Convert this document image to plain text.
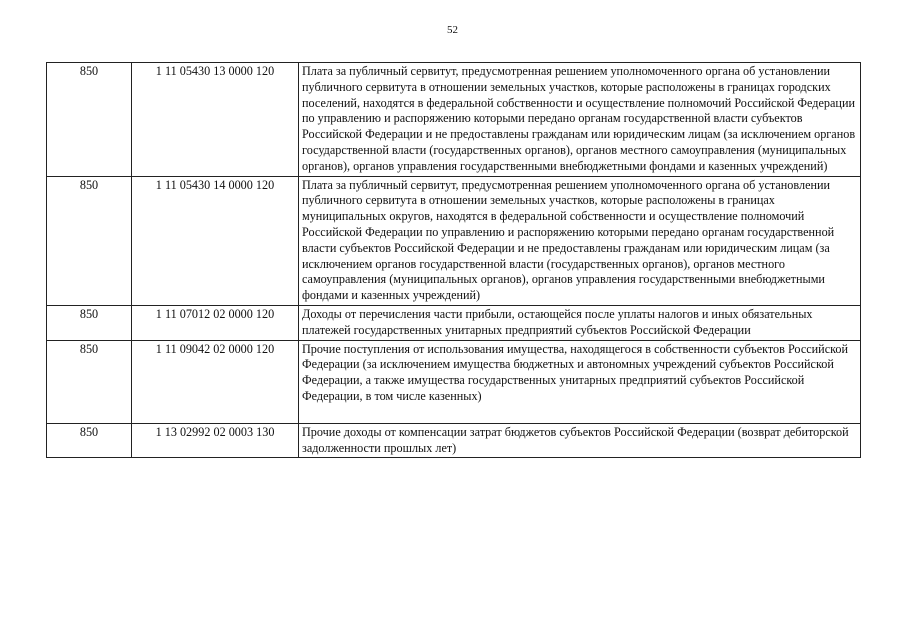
52
850	1 11 05430 13 0000 120	Плата за публичный сервитут, предусмотренная решением уполномоченного органа об установлении публичного сервитута в отношении земельных участков, которые расположены в границах городских поселений, находятся в федеральной собственности и осуществление полномочий Российской Федерации по управлению и распоряжению которыми передано органам государственной власти субъектов Российской Федерации и не предоставлены гражданам или юридическим лицам (за исключением органов государственной власти (государственных органов), органов местного самоуправления (муниципальных органов), органов управления государственными внебюджетными фондами и казенных учреждений)
850	1 11 05430 14 0000 120	Плата за публичный сервитут, предусмотренная решением уполномоченного органа об установлении публичного сервитута в отношении земельных участков, которые расположены в границах муниципальных округов, находятся в федеральной собственности и осуществление полномочий Российской Федерации по управлению и распоряжению которыми передано органам государственной власти субъектов Российской Федерации и не предоставлены гражданам или юридическим лицам (за исключением органов государственной власти (государственных органов), органов местного самоуправления (муниципальных органов), органов управления государственными внебюджетными фондами и казенных учреждений)
850	1 11 07012 02 0000 120	Доходы от перечисления части прибыли, остающейся после уплаты налогов и иных обязательных платежей государственных унитарных предприятий субъектов Российской Федерации
850	1 11 09042 02 0000 120	Прочие поступления от использования имущества, находящегося в собственности субъектов Российской Федерации (за исключением имущества бюджетных и автономных учреждений субъектов Российской Федерации, а также имущества государственных унитарных предприятий субъектов Российской Федерации, в том числе казенных)
850	1 13 02992 02 0003 130	Прочие доходы от компенсации затрат бюджетов субъектов Российской Федерации (возврат дебиторской задолженности прошлых лет)
